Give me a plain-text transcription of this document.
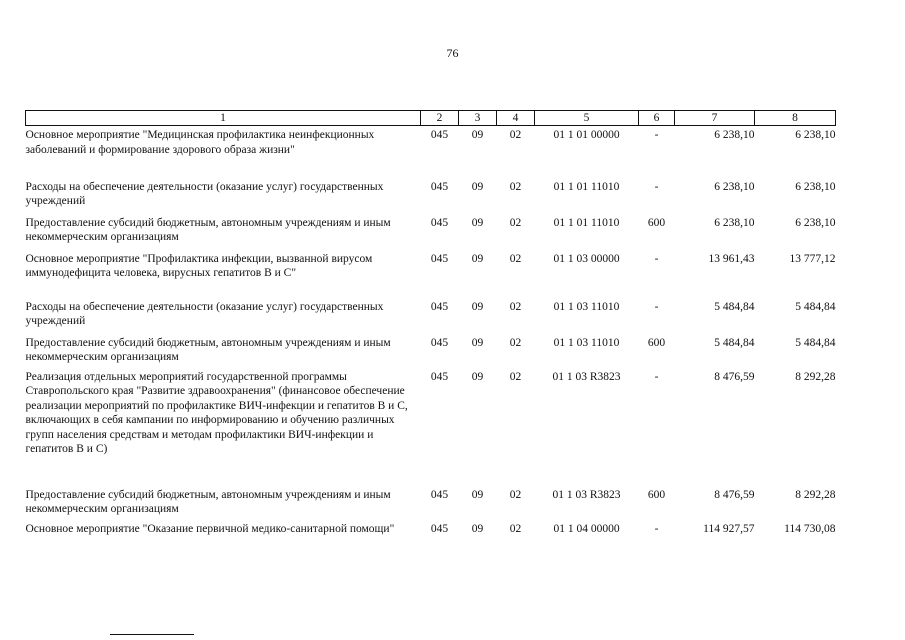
76
1	2	3	4	5	6	7	8
Основное мероприятие "Медицинская профилактика неинфекционных заболеваний и формирование здорового образа жизни"	045	09	02	01 1 01 00000	-	6 238,10	6 238,10
Расходы на обеспечение деятельности (оказание услуг) государственных учреждений	045	09	02	01 1 01 11010	-	6 238,10	6 238,10
Предоставление субсидий бюджетным, автономным учреждениям и иным некоммерческим организациям	045	09	02	01 1 01 11010	600	6 238,10	6 238,10
Основное мероприятие "Профилактика инфекции, вызванной вирусом иммунодефицита человека, вирусных гепатитов В и С"	045	09	02	01 1 03 00000	-	13 961,43	13 777,12
Расходы на обеспечение деятельности (оказание услуг) государственных учреждений	045	09	02	01 1 03 11010	-	5 484,84	5 484,84
Предоставление субсидий бюджетным, автономным учреждениям и иным некоммерческим организациям	045	09	02	01 1 03 11010	600	5 484,84	5 484,84
Реализация отдельных мероприятий государственной программы Ставропольского края "Развитие здравоохранения" (финансовое обеспечение реализации мероприятий по профилактике ВИЧ-инфекции и гепатитов В и С, включающих в себя кампании по информированию и обучению различных групп населения средствам и методам профилактики ВИЧ-инфекции и гепатитов В и С)	045	09	02	01 1 03 R3823	-	8 476,59	8 292,28
Предоставление субсидий бюджетным, автономным учреждениям и иным некоммерческим организациям	045	09	02	01 1 03 R3823	600	8 476,59	8 292,28
Основное мероприятие "Оказание первичной медико-санитарной помощи"	045	09	02	01 1 04 00000	-	114 927,57	114 730,08
